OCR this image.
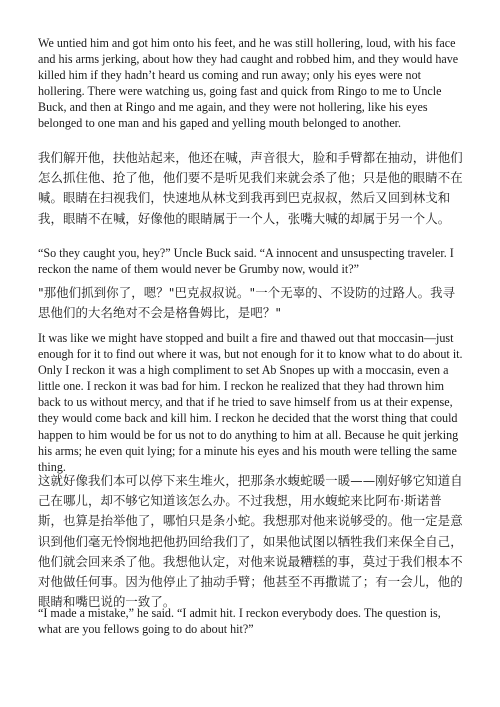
We untied him and got him onto his feet, and he was still hollering, loud, with his face and his arms jerking, about how they had caught and robbed him, and they would have killed him if they hadn’t heard us coming and run away; only his eyes were not hollering. There were watching us, going fast and quick from Ringo to me to Uncle Buck, and then at Ringo and me again, and they were not hollering, like his eyes belonged to one man and his gaped and yelling mouth belonged to another.

我们解开他，扶他站起来，他还在喊，声音很大，脸和手臂都在抽动，讲他们怎么抓住他、抢了他，他们要不是听见我们来就会杀了他；只是他的眼睛不在喊。眼睛在扫视我们，快速地从林戈到我再到巴克叔叔，然后又回到林戈和我，眼睛不在喊，好像他的眼睛属于一个人，张嘴大喊的却属于另一个人。

“So they caught you, hey?” Uncle Buck said. “A innocent and unsuspecting traveler. I reckon the name of them would never be Grumby now, would it?”

"那他们抓到你了，嗯？"巴克叔叔说。"一个无辜的、不设防的过路人。我寻思他们的大名绝对不会是格鲁姆比，是吧？"

It was like we might have stopped and built a fire and thawed out that moccasin—just enough for it to find out where it was, but not enough for it to know what to do about it. Only I reckon it was a high compliment to set Ab Snopes up with a moccasin, even a little one. I reckon it was bad for him. I reckon he realized that they had thrown him back to us without mercy, and that if he tried to save himself from us at their expense, they would come back and kill him. I reckon he decided that the worst thing that could happen to him would be for us not to do anything to him at all. Because he quit jerking his arms; he even quit lying; for a minute his eyes and his mouth were telling the same thing.

这就好像我们本可以停下来生堆火，把那条水蝮蛇暖一暖——刚好够它知道自己在哪儿，却不够它知道该怎么办。不过我想，用水蝮蛇来比阿布·斯诺普斯，也算是抬举他了，哪怕只是条小蛇。我想那对他来说够受的。他一定是意识到他们毫无怜悯地把他扔回给我们了，如果他试图以牺牲我们来保全自己，他们就会回来杀了他。我想他认定，对他来说最糟糕的事，莫过于我们根本不对他做任何事。因为他停止了抽动手臂；他甚至不再撒谎了；有一会儿，他的眼睛和嘴巴说的一致了。

“I made a mistake,” he said. “I admit hit. I reckon everybody does. The question is, what are you fellows going to do about hit?”
